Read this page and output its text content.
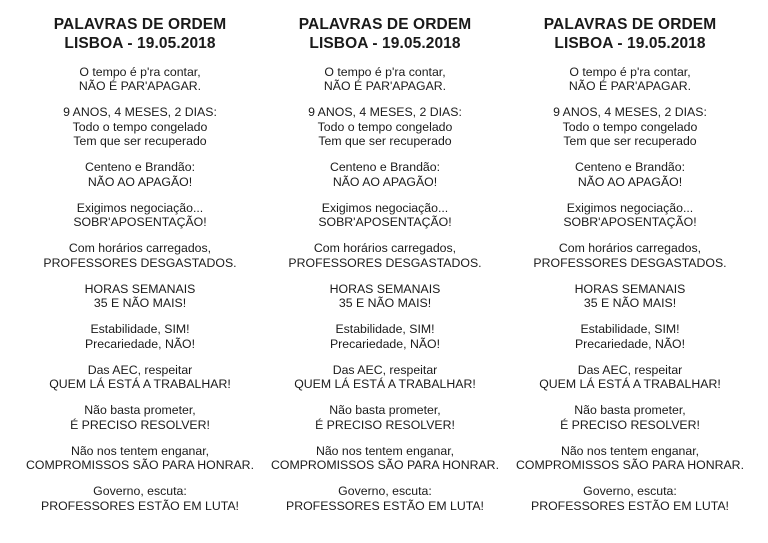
PALAVRAS DE ORDEM
LISBOA - 19.05.2018
O tempo é p'ra contar,
NÃO É PAR'APAGAR.
9 ANOS, 4 MESES, 2 DIAS:
Todo o tempo congelado
Tem que ser recuperado
Centeno e Brandão:
NÃO AO APAGÃO!
Exigimos negociação...
SOBR'APOSENTAÇÃO!
Com horários carregados,
PROFESSORES DESGASTADOS.
HORAS SEMANAIS
35 E NÃO MAIS!
Estabilidade, SIM!
Precariedade, NÃO!
Das AEC, respeitar
QUEM LÁ ESTÁ A TRABALHAR!
Não basta prometer,
É PRECISO RESOLVER!
Não nos tentem enganar,
COMPROMISSOS SÃO PARA HONRAR.
Governo, escuta:
PROFESSORES ESTÃO EM LUTA!
PALAVRAS DE ORDEM
LISBOA - 19.05.2018
O tempo é p'ra contar,
NÃO É PAR'APAGAR.
9 ANOS, 4 MESES, 2 DIAS:
Todo o tempo congelado
Tem que ser recuperado
Centeno e Brandão:
NÃO AO APAGÃO!
Exigimos negociação...
SOBR'APOSENTAÇÃO!
Com horários carregados,
PROFESSORES DESGASTADOS.
HORAS SEMANAIS
35 E NÃO MAIS!
Estabilidade, SIM!
Precariedade, NÃO!
Das AEC, respeitar
QUEM LÁ ESTÁ A TRABALHAR!
Não basta prometer,
É PRECISO RESOLVER!
Não nos tentem enganar,
COMPROMISSOS SÃO PARA HONRAR.
Governo, escuta:
PROFESSORES ESTÃO EM LUTA!
PALAVRAS DE ORDEM
LISBOA - 19.05.2018
O tempo é p'ra contar,
NÃO É PAR'APAGAR.
9 ANOS, 4 MESES, 2 DIAS:
Todo o tempo congelado
Tem que ser recuperado
Centeno e Brandão:
NÃO AO APAGÃO!
Exigimos negociação...
SOBR'APOSENTAÇÃO!
Com horários carregados,
PROFESSORES DESGASTADOS.
HORAS SEMANAIS
35 E NÃO MAIS!
Estabilidade, SIM!
Precariedade, NÃO!
Das AEC, respeitar
QUEM LÁ ESTÁ A TRABALHAR!
Não basta prometer,
É PRECISO RESOLVER!
Não nos tentem enganar,
COMPROMISSOS SÃO PARA HONRAR.
Governo, escuta:
PROFESSORES ESTÃO EM LUTA!
